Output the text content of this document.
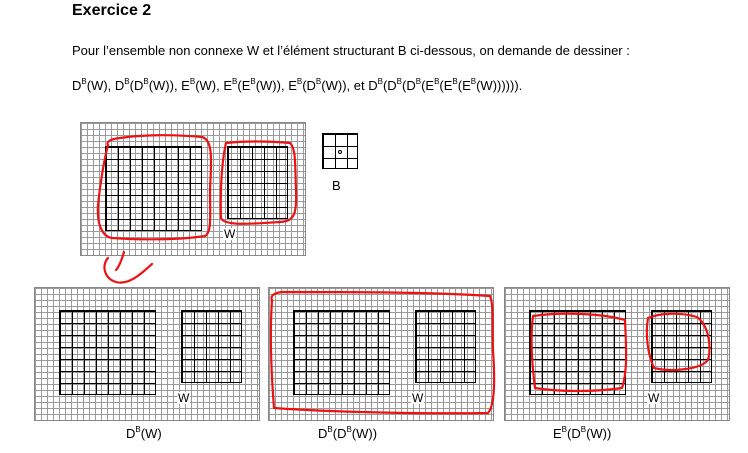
Exercice 2
Pour l’ensemble non connexe W et l’élément structurant B ci-dessous, on demande de dessiner :
$D^B(W)$, $D^B(D^B(W))$, $E^B(W)$, $E^B(E^B(W))$, $E^B(D^B(W))$, et $D^B(D^B(D^B(E^B(E^B(E^B(W))))))$.
W
B
W
$D^B(W)$
W
$D^B(D^B(W))$
W
$E^B(D^B(W))$
